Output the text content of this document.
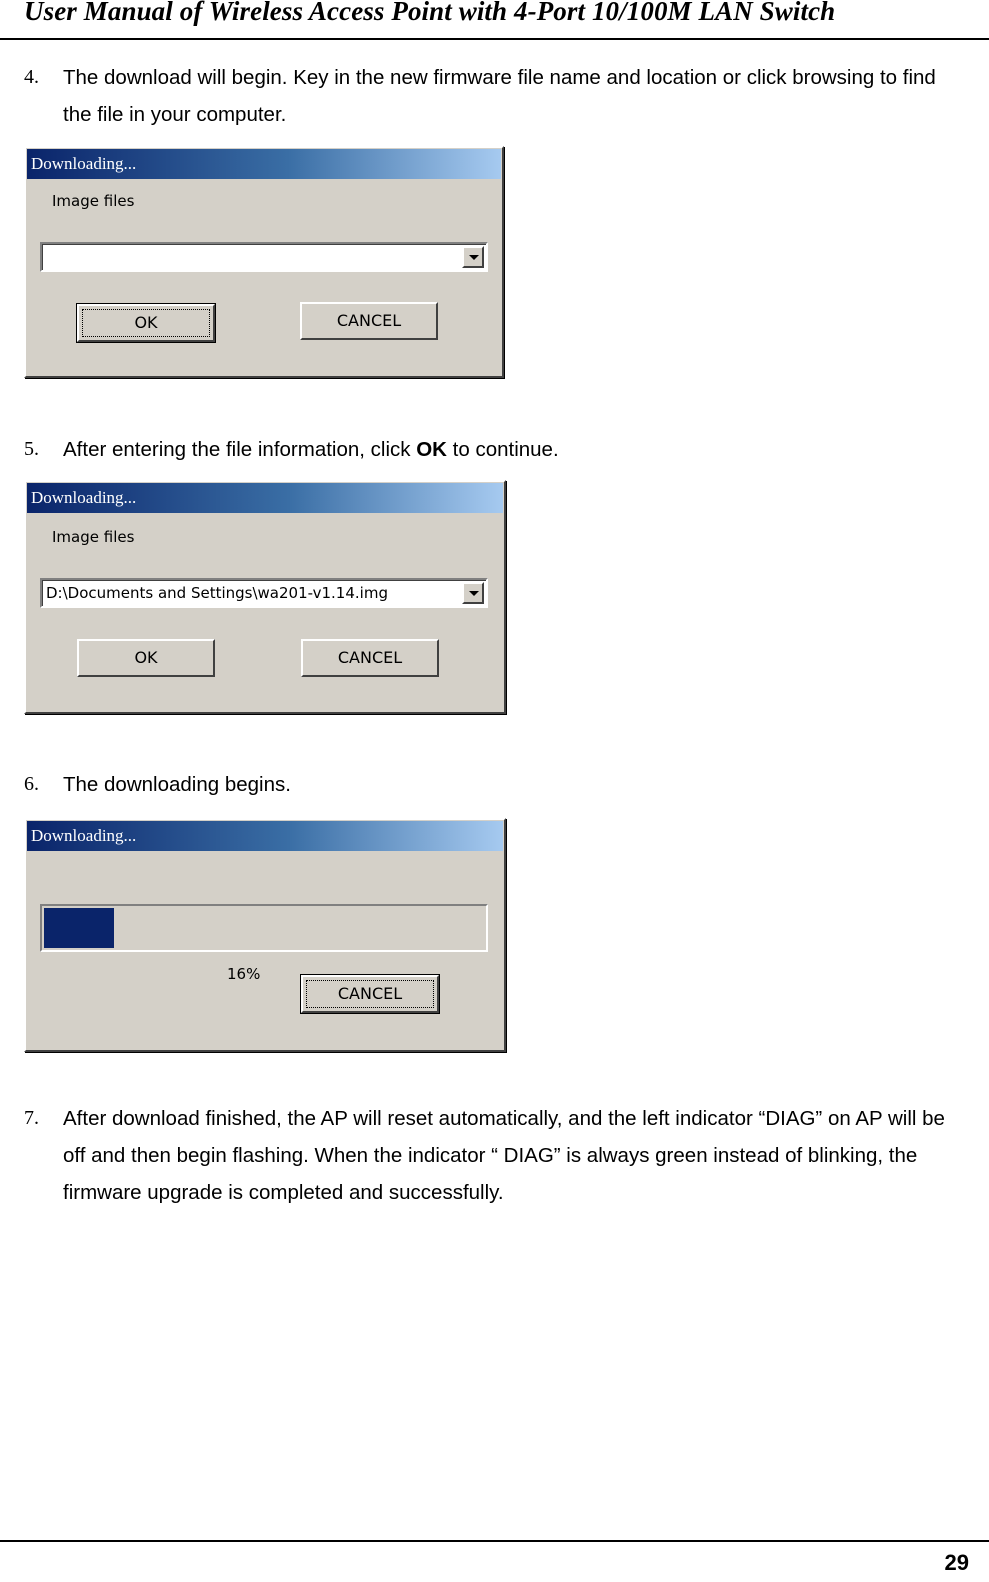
User Manual of Wireless Access Point with 4-Port 10/100M LAN Switch
4.	The download will begin. Key in the new firmware file name and location or click browsing to find the file in your computer.
Downloading...
Image files
OK	CANCEL
5.	After entering the file information, click OK to continue.
Downloading...
Image files
D:\Documents and Settings\wa201-v1.14.img
OK	CANCEL
6.	The downloading begins.
Downloading...
16%
CANCEL
7.	After download finished, the AP will reset automatically, and the left indicator “DIAG” on AP will be off and then begin flashing. When the indicator “ DIAG” is always green instead of blinking, the firmware upgrade is completed and successfully.
29
